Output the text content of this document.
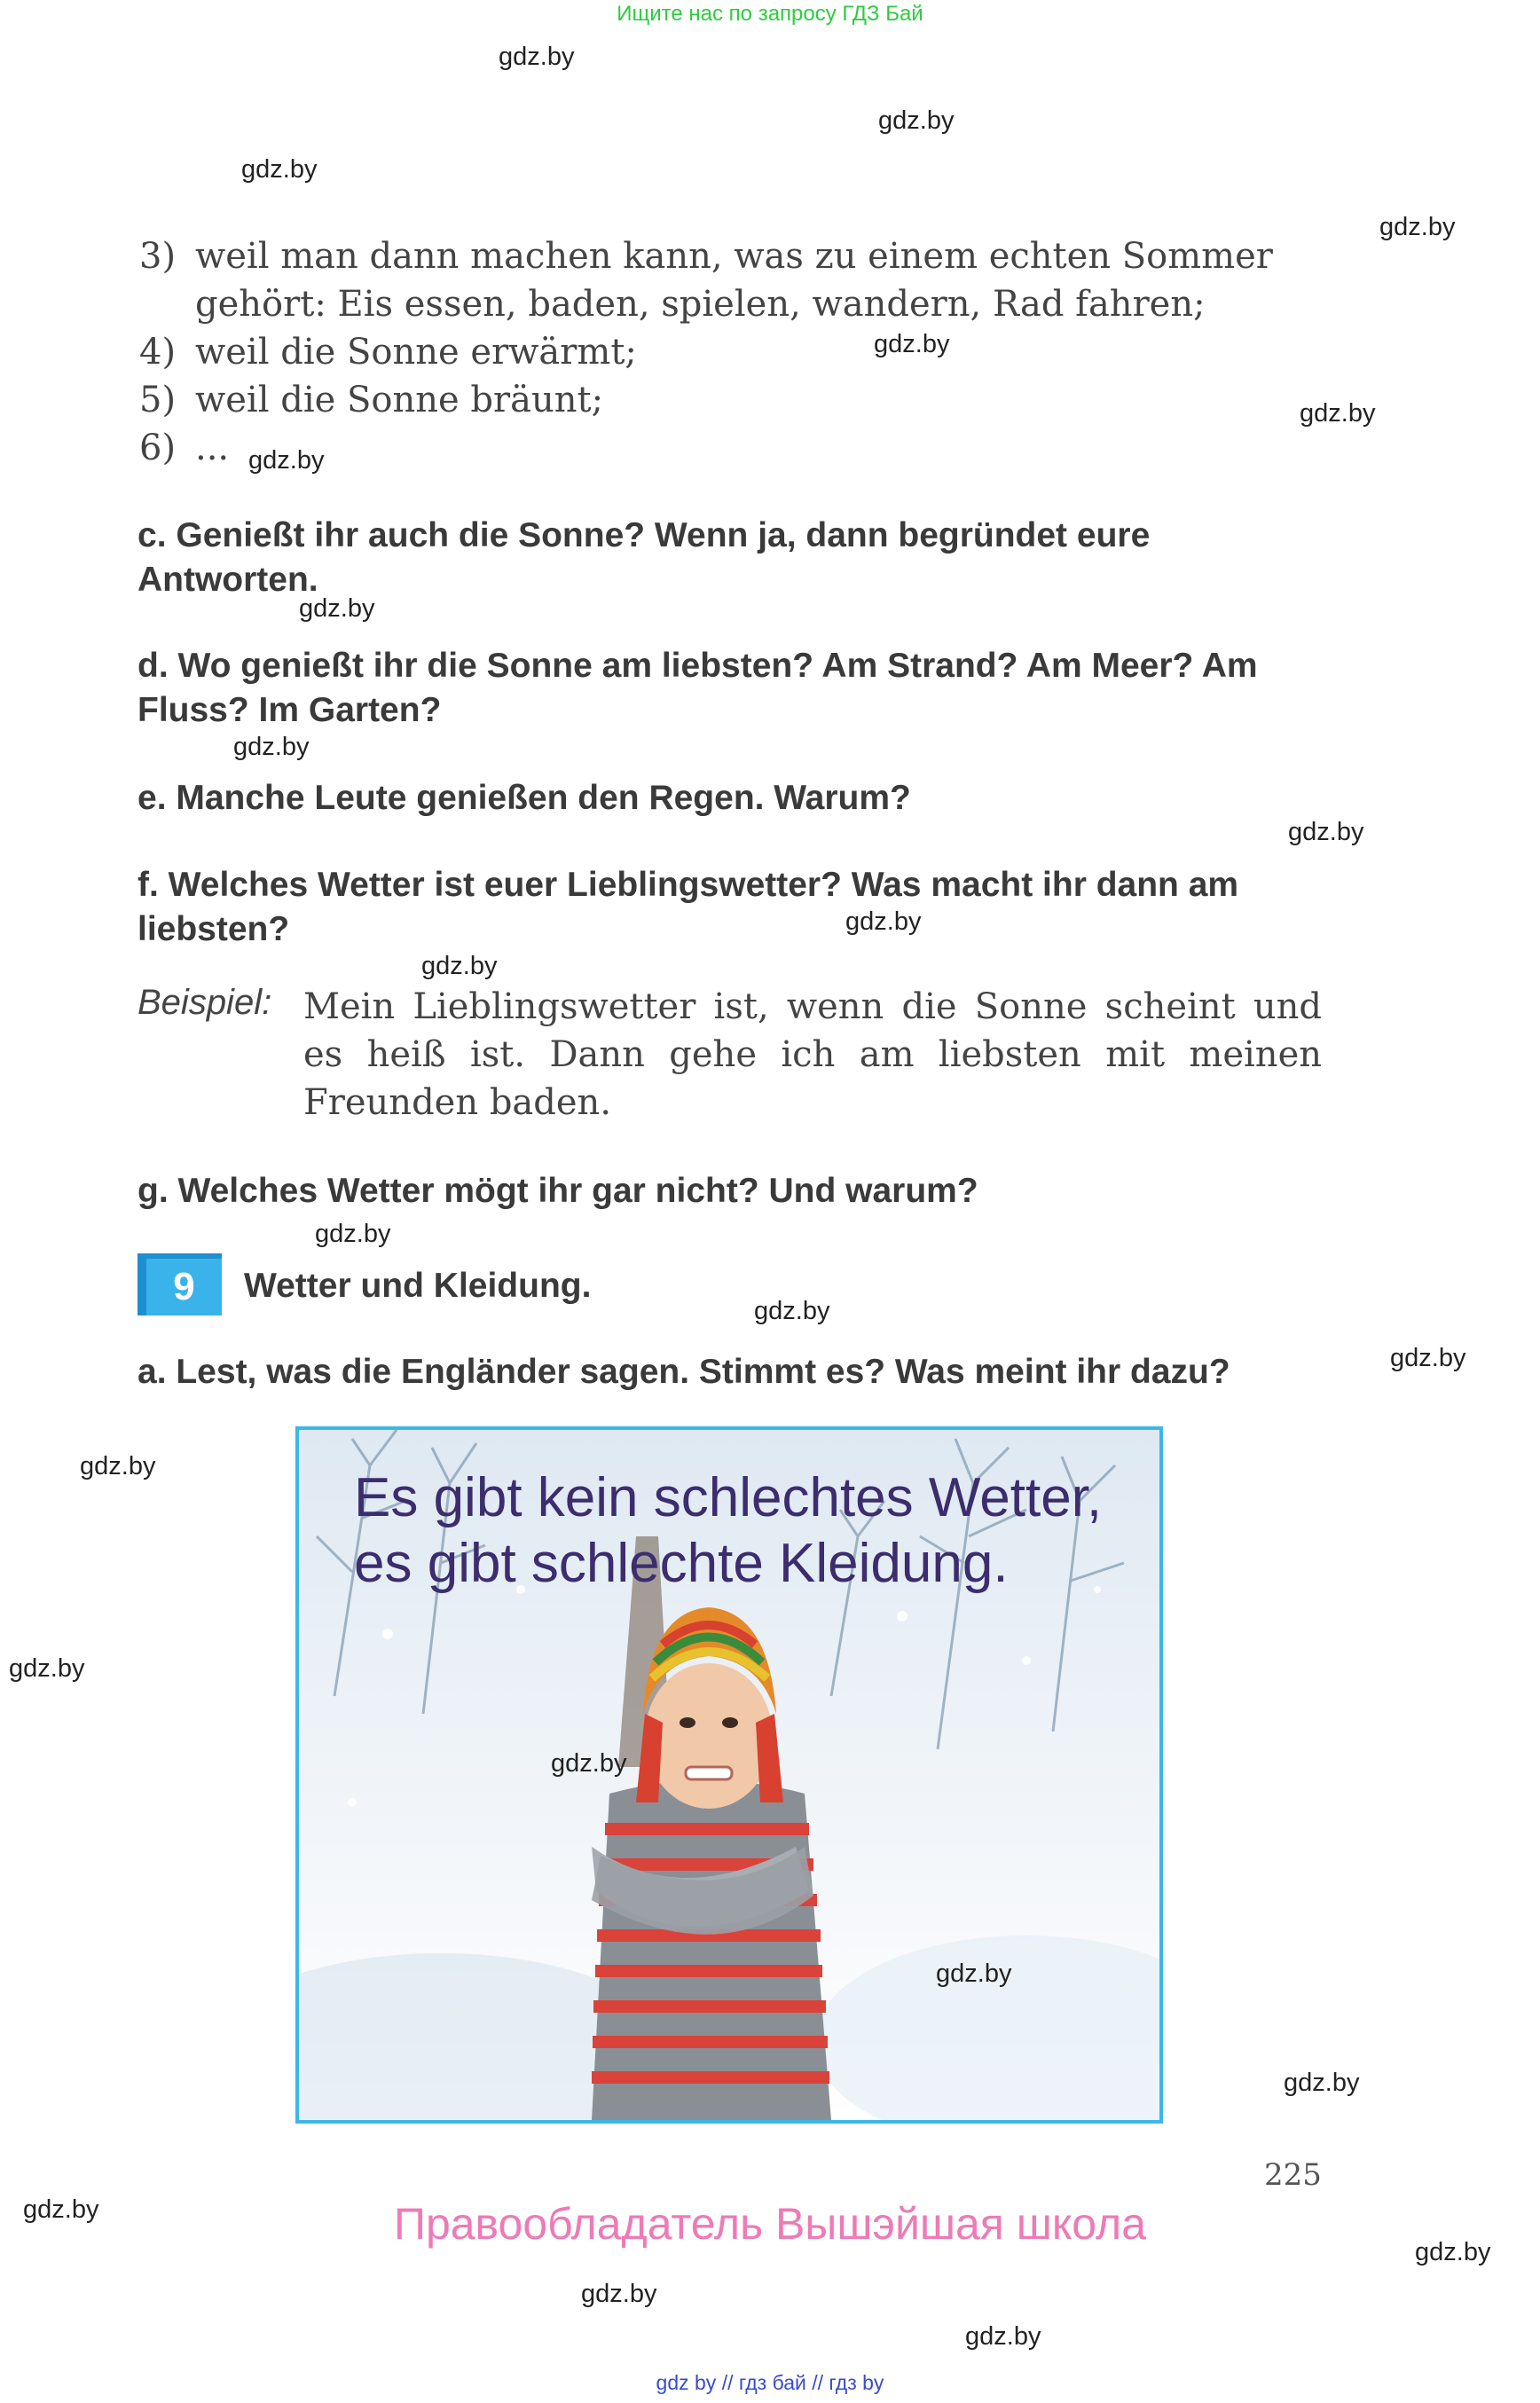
Ищите нас по запросу ГДЗ Бай
gdz.by
gdz.by
gdz.by
gdz.by
gdz.by
gdz.by
gdz.by
gdz.by
gdz.by
gdz.by
gdz.by
gdz.by
gdz.by
gdz.by
gdz.by
gdz.by
gdz.by
gdz.by
gdz.by
gdz.by
gdz.by
gdz.by
3) weil man dann machen kann, was zu einem echten Sommer
gehört: Eis essen, baden, spielen, wandern, Rad fahren;
4) weil die Sonne erwärmt;
5) weil die Sonne bräunt;
6) ...
c. Genießt ihr auch die Sonne? Wenn ja, dann begründet eure Antworten.
d. Wo genießt ihr die Sonne am liebsten? Am Strand? Am Meer? Am Fluss? Im Garten?
e. Manche Leute genießen den Regen. Warum?
f. Welches Wetter ist euer Lieblingswetter? Was macht ihr dann am liebsten?
Beispiel: Mein Lieblingswetter ist, wenn die Sonne scheint und es heiß ist. Dann gehe ich am liebsten mit meinen Freunden baden.
g. Welches Wetter mögt ihr gar nicht? Und warum?
9	Wetter und Kleidung.
a. Lest, was die Engländer sagen. Stimmt es? Was meint ihr dazu?
Es gibt kein schlechtes Wetter,
es gibt schlechte Kleidung.
gdz.by
gdz.by
225
Правообладатель Вышэйшая школа
gdz by // гдз бай // гдз by
